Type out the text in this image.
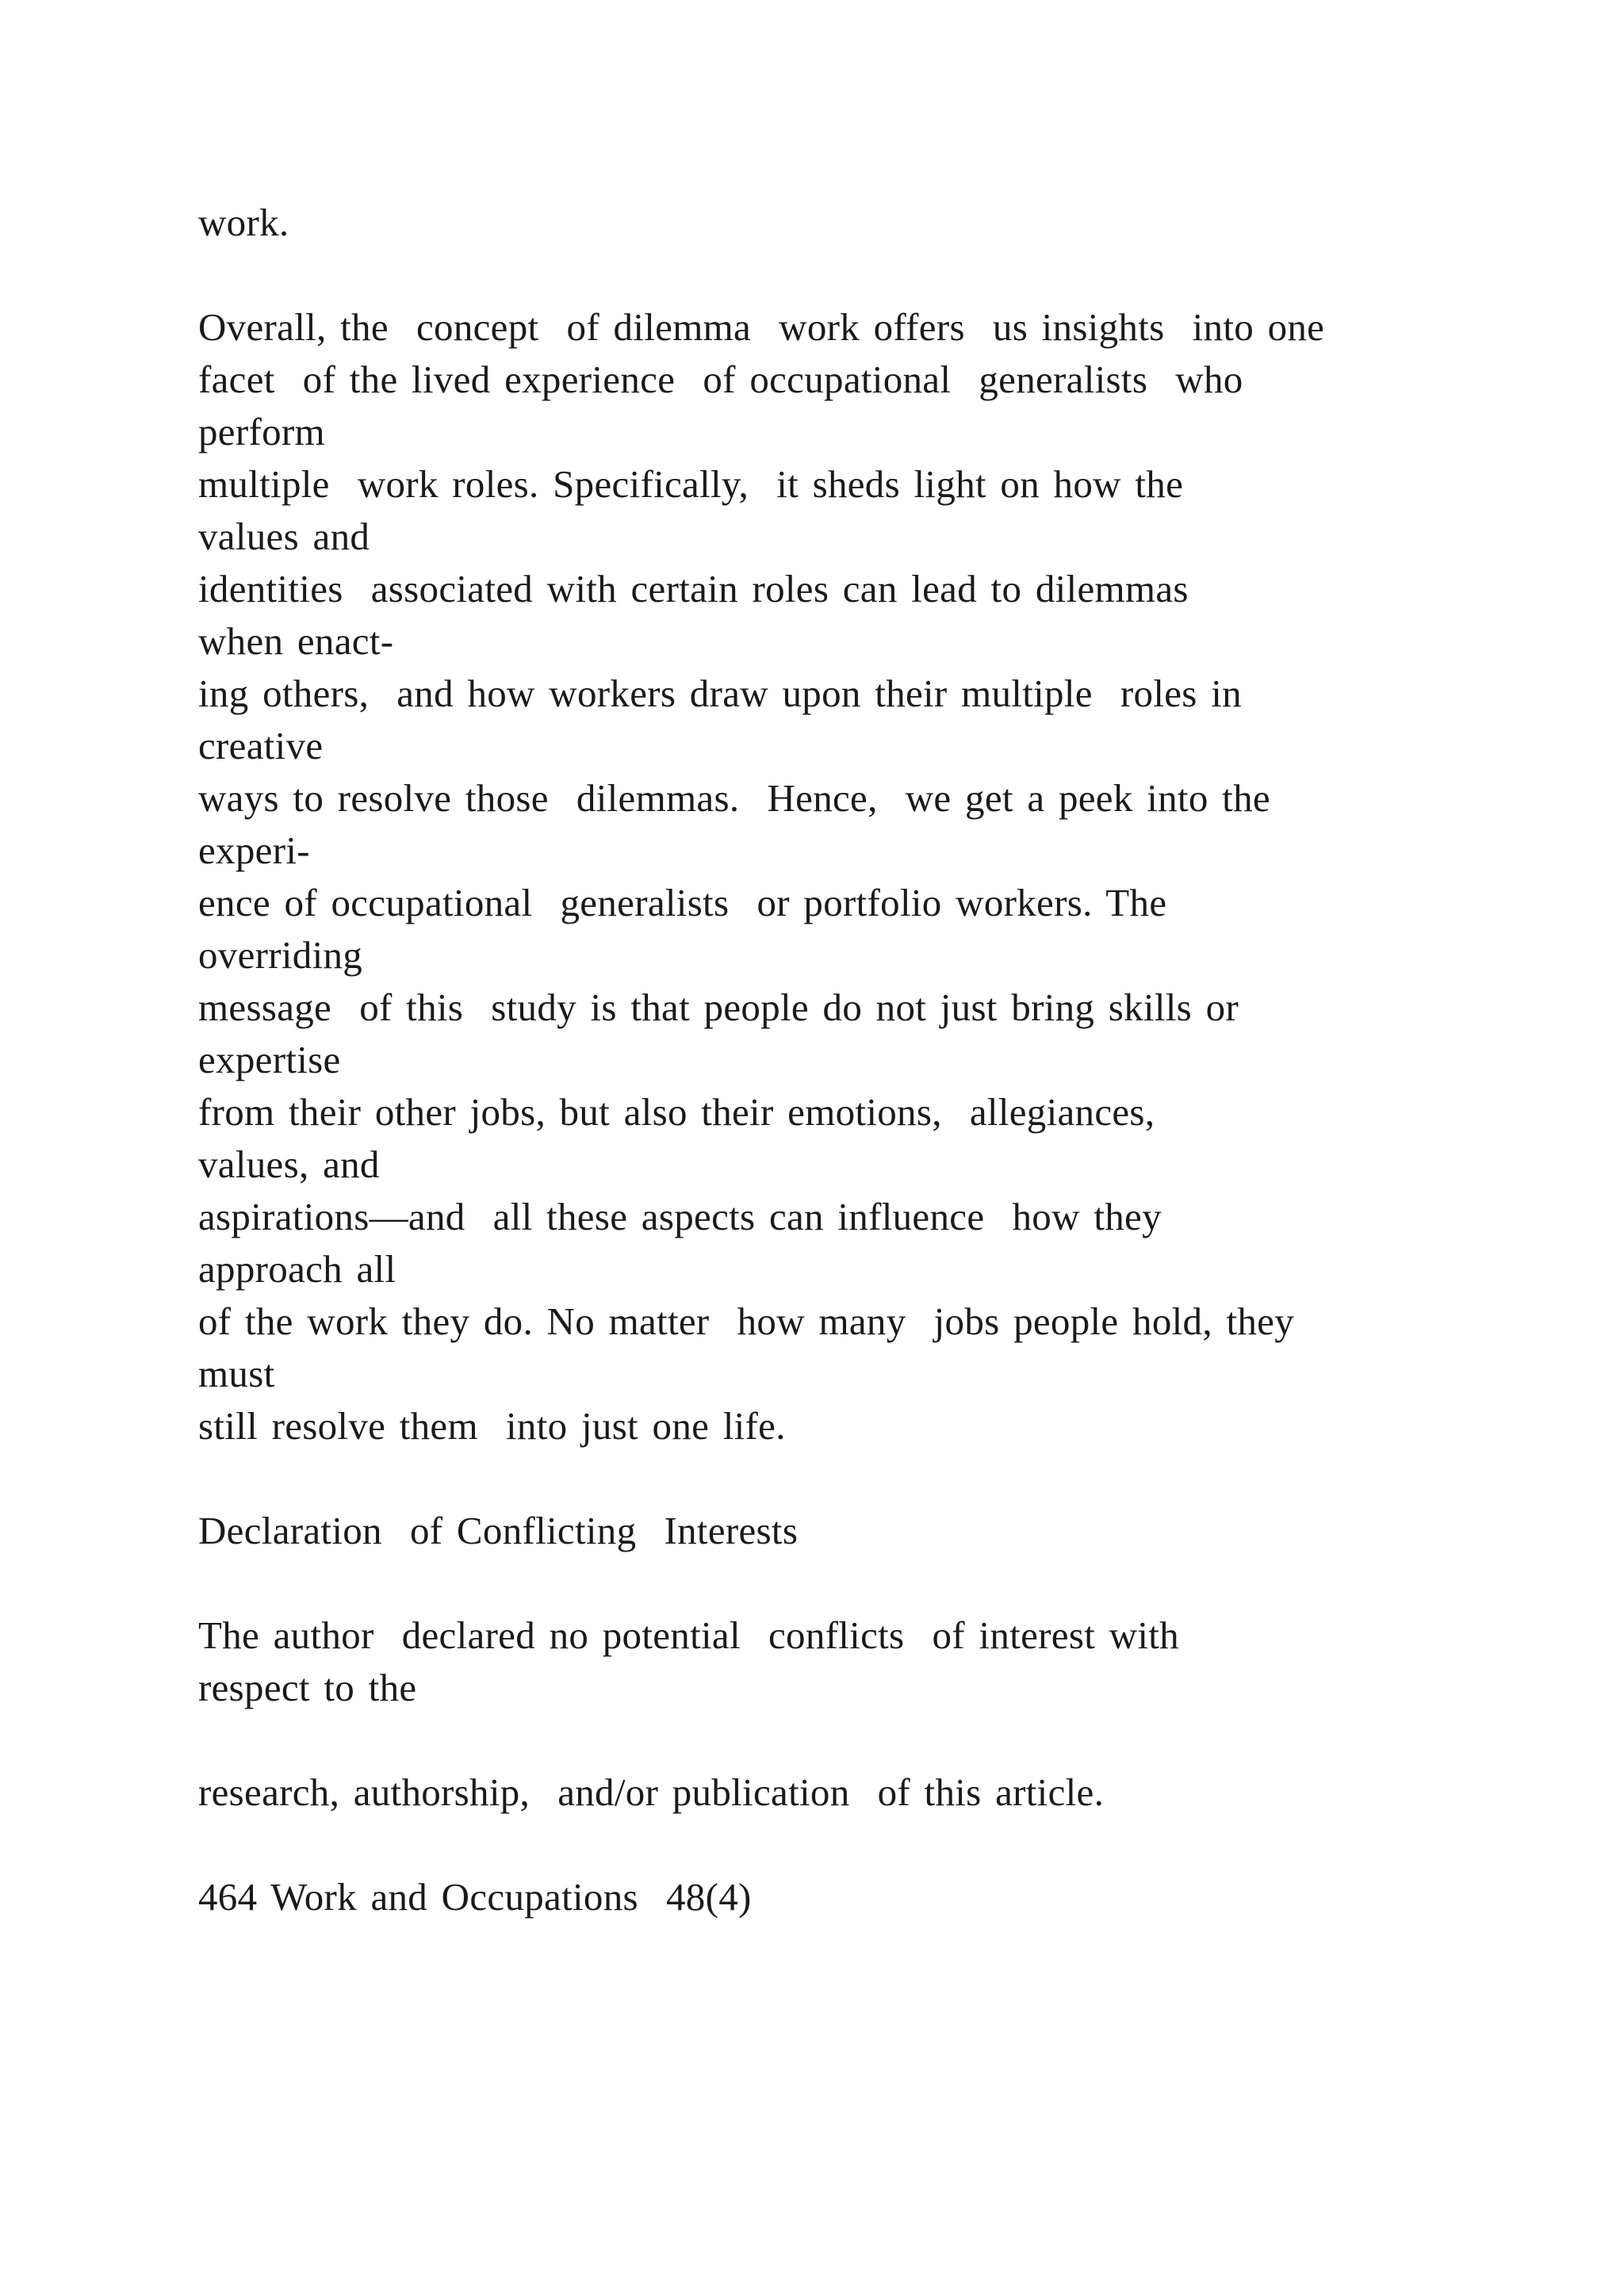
work.
Overall, the  concept  of dilemma  work offers  us insights  into one
facet  of the lived experience  of occupational  generalists  who
perform
multiple  work roles. Specifically,  it sheds light on how the
values and
identities  associated with certain roles can lead to dilemmas
when enact-
ing others,  and how workers draw upon their multiple  roles in
creative
ways to resolve those  dilemmas.  Hence,  we get a peek into the
experi-
ence of occupational  generalists  or portfolio workers. The
overriding
message  of this  study is that people do not just bring skills or
expertise
from their other jobs, but also their emotions,  allegiances,
values, and
aspirations—and  all these aspects can influence  how they
approach all
of the work they do. No matter  how many  jobs people hold, they
must
still resolve them  into just one life.
Declaration  of Conflicting  Interests
The author  declared no potential  conflicts  of interest with
respect to the
research, authorship,  and/or publication  of this article.
464 Work and Occupations  48(4)
